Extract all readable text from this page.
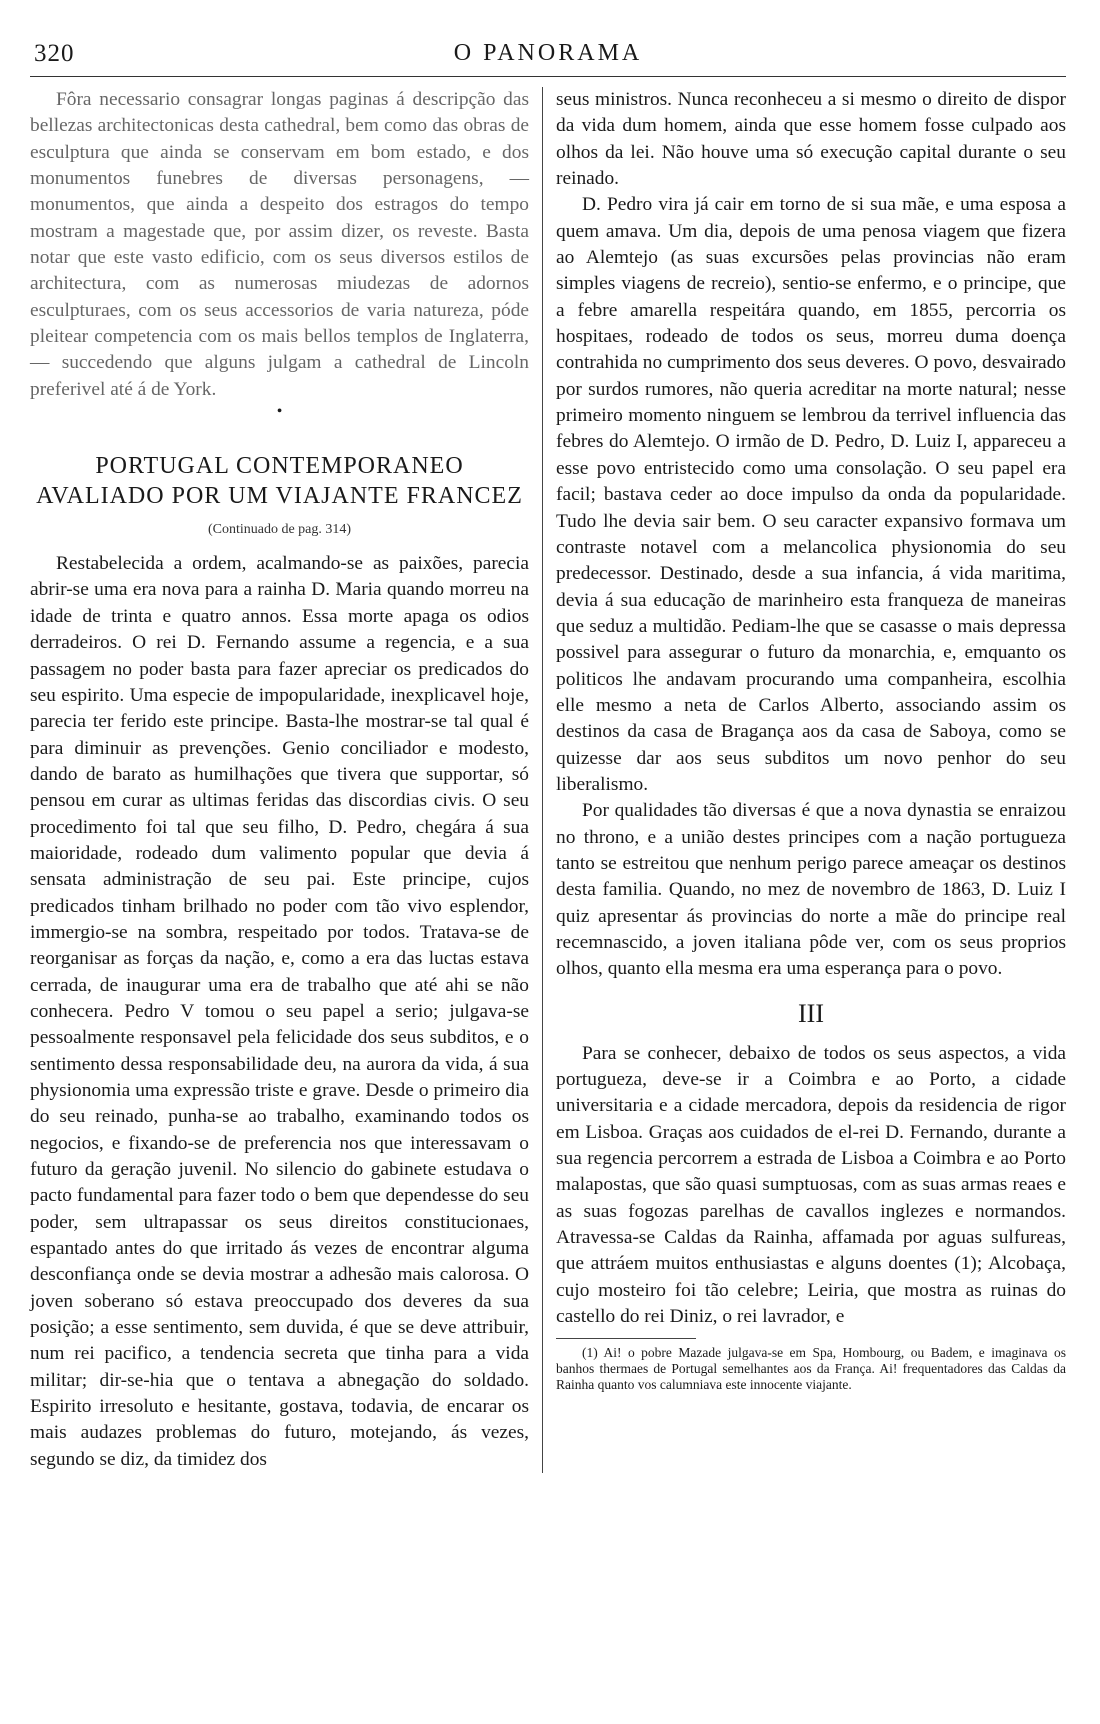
320	O PANORAMA

Fôra necessario consagrar longas paginas á descripção das bellezas architectonicas desta cathedral, bem como das obras de esculptura que ainda se conservam em bom estado, e dos monumentos funebres de diversas personagens, — monumentos, que ainda a despeito dos estragos do tempo mostram a magestade que, por assim dizer, os reveste. Basta notar que este vasto edificio, com os seus diversos estilos de architectura, com as numerosas miudezas de adornos esculpturaes, com os seus accessorios de varia natureza, póde pleitear competencia com os mais bellos templos de Inglaterra, — succedendo que alguns julgam a cathedral de Lincoln preferivel até á de York.

•
PORTUGAL CONTEMPORANEO AVALIADO POR UM VIAJANTE FRANCEZ
(Continuado de pag. 314)

Restabelecida a ordem, acalmando-se as paixões, parecia abrir-se uma era nova para a rainha D. Maria quando morreu na idade de trinta e quatro annos. Essa morte apaga os odios derradeiros. O rei D. Fernando assume a regencia, e a sua passagem no poder basta para fazer apreciar os predicados do seu espirito. Uma especie de impopularidade, inexplicavel hoje, parecia ter ferido este principe. Basta-lhe mostrar-se tal qual é para diminuir as prevenções. Genio conciliador e modesto, dando de barato as humilhações que tivera que supportar, só pensou em curar as ultimas feridas das discordias civis. O seu procedimento foi tal que seu filho, D. Pedro, chegára á sua maioridade, rodeado dum valimento popular que devia á sensata administração de seu pai. Este principe, cujos predicados tinham brilhado no poder com tão vivo esplendor, immergio-se na sombra, respeitado por todos. Tratava-se de reorganisar as forças da nação, e, como a era das luctas estava cerrada, de inaugurar uma era de trabalho que até ahi se não conhecera. Pedro V tomou o seu papel a serio; julgava-se pessoalmente responsavel pela felicidade dos seus subditos, e o sentimento dessa responsabilidade deu, na aurora da vida, á sua physionomia uma expressão triste e grave. Desde o primeiro dia do seu reinado, punha-se ao trabalho, examinando todos os negocios, e fixando-se de preferencia nos que interessavam o futuro da geração juvenil. No silencio do gabinete estudava o pacto fundamental para fazer todo o bem que dependesse do seu poder, sem ultrapassar os seus direitos constitucionaes, espantado antes do que irritado ás vezes de encontrar alguma desconfiança onde se devia mostrar a adhesão mais calorosa. O joven soberano só estava preoccupado dos deveres da sua posição; a esse sentimento, sem duvida, é que se deve attribuir, num rei pacifico, a tendencia secreta que tinha para a vida militar; dir-se-hia que o tentava a abnegação do soldado. Espirito irresoluto e hesitante, gostava, todavia, de encarar os mais audazes problemas do futuro, motejando, ás vezes, segundo se diz, da timidez dos

seus ministros. Nunca reconheceu a si mesmo o direito de dispor da vida dum homem, ainda que esse homem fosse culpado aos olhos da lei. Não houve uma só execução capital durante o seu reinado.

D. Pedro vira já cair em torno de si sua mãe, e uma esposa a quem amava. Um dia, depois de uma penosa viagem que fizera ao Alemtejo (as suas excursões pelas provincias não eram simples viagens de recreio), sentio-se enfermo, e o principe, que a febre amarella respeitára quando, em 1855, percorria os hospitaes, rodeado de todos os seus, morreu duma doença contrahida no cumprimento dos seus deveres. O povo, desvairado por surdos rumores, não queria acreditar na morte natural; nesse primeiro momento ninguem se lembrou da terrivel influencia das febres do Alemtejo. O irmão de D. Pedro, D. Luiz I, appareceu a esse povo entristecido como uma consolação. O seu papel era facil; bastava ceder ao doce impulso da onda da popularidade. Tudo lhe devia sair bem. O seu caracter expansivo formava um contraste notavel com a melancolica physionomia do seu predecessor. Destinado, desde a sua infancia, á vida maritima, devia á sua educação de marinheiro esta franqueza de maneiras que seduz a multidão. Pediam-lhe que se casasse o mais depressa possivel para assegurar o futuro da monarchia, e, emquanto os politicos lhe andavam procurando uma companheira, escolhia elle mesmo a neta de Carlos Alberto, associando assim os destinos da casa de Bragança aos da casa de Saboya, como se quizesse dar aos seus subditos um novo penhor do seu liberalismo.

Por qualidades tão diversas é que a nova dynastia se enraizou no throno, e a união destes principes com a nação portugueza tanto se estreitou que nenhum perigo parece ameaçar os destinos desta familia. Quando, no mez de novembro de 1863, D. Luiz I quiz apresentar ás provincias do norte a mãe do principe real recemnascido, a joven italiana pôde ver, com os seus proprios olhos, quanto ella mesma era uma esperança para o povo.

III

Para se conhecer, debaixo de todos os seus aspectos, a vida portugueza, deve-se ir a Coimbra e ao Porto, a cidade universitaria e a cidade mercadora, depois da residencia de rigor em Lisboa. Graças aos cuidados de el-rei D. Fernando, durante a sua regencia percorrem a estrada de Lisboa a Coimbra e ao Porto malapostas, que são quasi sumptuosas, com as suas armas reaes e as suas fogozas parelhas de cavallos inglezes e normandos. Atravessa-se Caldas da Rainha, affamada por aguas sulfureas, que attráem muitos enthusiastas e alguns doentes (1); Alcobaça, cujo mosteiro foi tão celebre; Leiria, que mostra as ruinas do castello do rei Diniz, o rei lavrador, e

(1) Ai! o pobre Mazade julgava-se em Spa, Hombourg, ou Badem, e imaginava os banhos thermaes de Portugal semelhantes aos da França. Ai! frequentadores das Caldas da Rainha quanto vos calumniava este innocente viajante.
